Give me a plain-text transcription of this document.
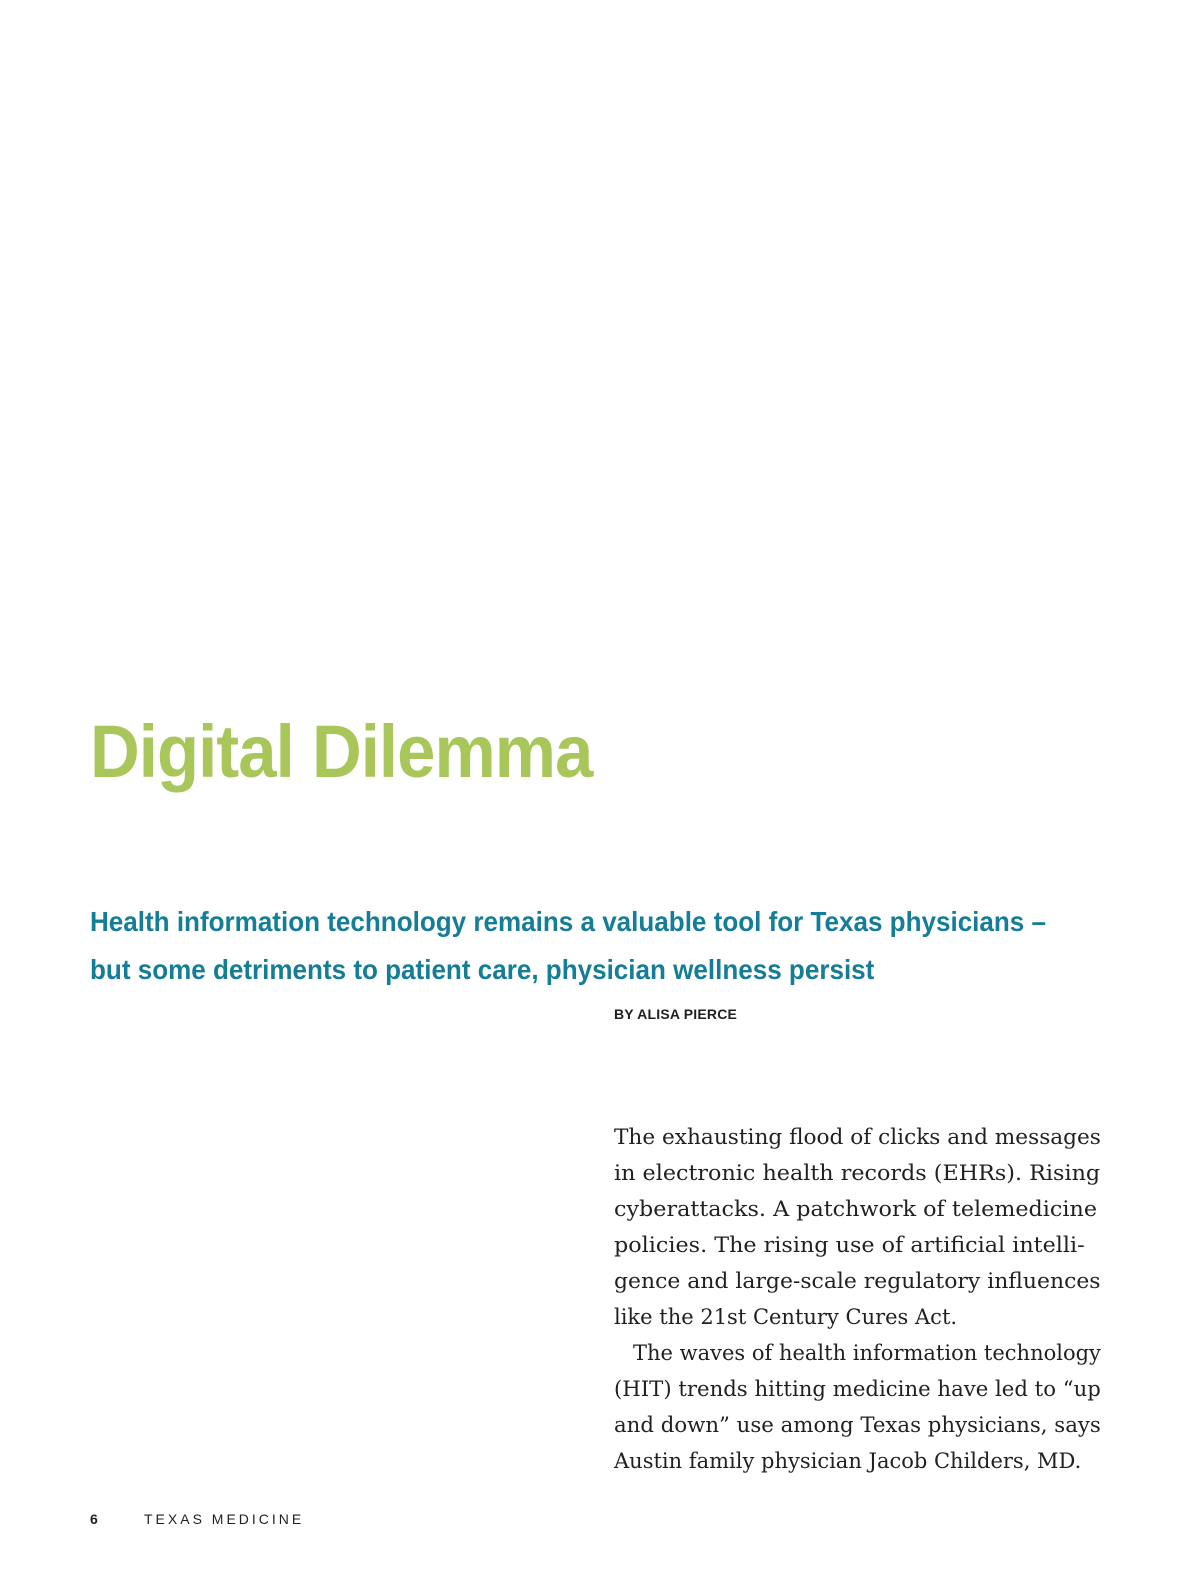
Digital Dilemma
Health information technology remains a valuable tool for Texas physicians –
but some detriments to patient care, physician wellness persist
BY ALISA PIERCE
The exhausting flood of clicks and messages
in electronic health records (EHRs). Rising
cyberattacks. A patchwork of telemedicine
policies. The rising use of artificial intelli-
gence and large-scale regulatory influences
like the 21st Century Cures Act.
The waves of health information technology
(HIT) trends hitting medicine have led to “up
and down” use among Texas physicians, says
Austin family physician Jacob Childers, MD.
6	TEXAS MEDICINE
